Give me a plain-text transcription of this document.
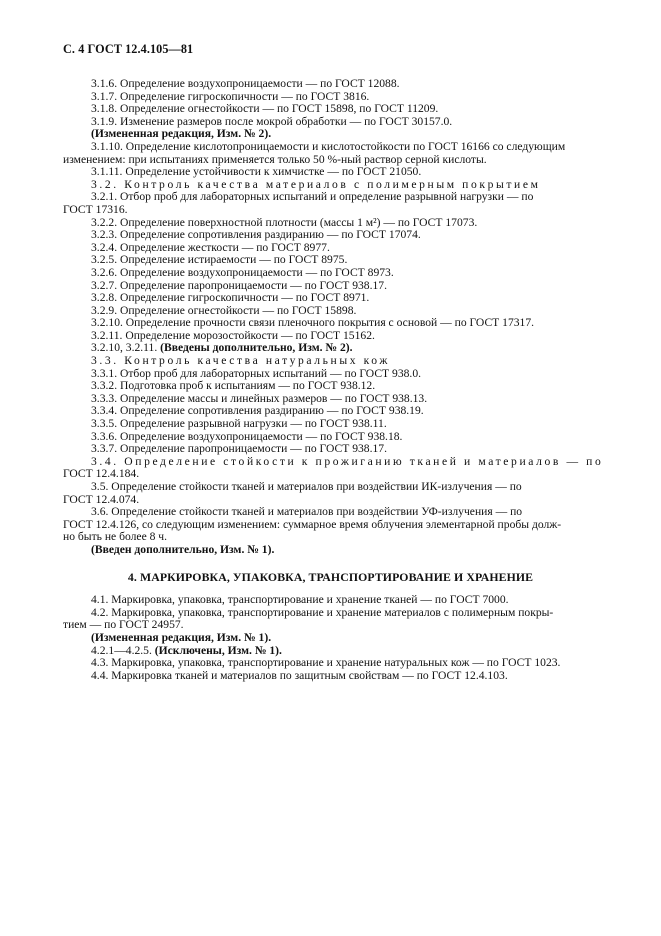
С. 4 ГОСТ 12.4.105—81
3.1.6. Определение воздухопроницаемости — по ГОСТ 12088.
3.1.7. Определение гигроскопичности — по ГОСТ 3816.
3.1.8. Определение огнестойкости — по ГОСТ 15898, по ГОСТ 11209.
3.1.9. Изменение размеров после мокрой обработки — по ГОСТ 30157.0.
(Измененная редакция, Изм. № 2).
3.1.10. Определение кислотопроницаемости и кислотостойкости по ГОСТ 16166 со следующим
изменением: при испытаниях применяется только 50 %-ный раствор серной кислоты.
3.1.11. Определение устойчивости к химчистке — по ГОСТ 21050.
3.2. Контроль качества материалов с полимерным покрытием
3.2.1. Отбор проб для лабораторных испытаний и определение разрывной нагрузки — по
ГОСТ 17316.
3.2.2. Определение поверхностной плотности (массы 1 м²) — по ГОСТ 17073.
3.2.3. Определение сопротивления раздиранию — по ГОСТ 17074.
3.2.4. Определение жесткости — по ГОСТ 8977.
3.2.5. Определение истираемости — по ГОСТ 8975.
3.2.6. Определение воздухопроницаемости — по ГОСТ 8973.
3.2.7. Определение паропроницаемости — по ГОСТ 938.17.
3.2.8. Определение гигроскопичности — по ГОСТ 8971.
3.2.9. Определение огнестойкости — по ГОСТ 15898.
3.2.10. Определение прочности связи пленочного покрытия с основой — по ГОСТ 17317.
3.2.11. Определение морозостойкости — по ГОСТ 15162.
3.2.10, 3.2.11. (Введены дополнительно, Изм. № 2).
3.3. Контроль качества натуральных кож
3.3.1. Отбор проб для лабораторных испытаний — по ГОСТ 938.0.
3.3.2. Подготовка проб к испытаниям — по ГОСТ 938.12.
3.3.3. Определение массы и линейных размеров — по ГОСТ 938.13.
3.3.4. Определение сопротивления раздиранию — по ГОСТ 938.19.
3.3.5. Определение разрывной нагрузки — по ГОСТ 938.11.
3.3.6. Определение воздухопроницаемости — по ГОСТ 938.18.
3.3.7. Определение паропроницаемости — по ГОСТ 938.17.
3.4. Определение стойкости к прожиганию тканей и материалов — по
ГОСТ 12.4.184.
3.5. Определение стойкости тканей и материалов при воздействии ИК-излучения — по
ГОСТ 12.4.074.
3.6. Определение стойкости тканей и материалов при воздействии УФ-излучения — по
ГОСТ 12.4.126, со следующим изменением: суммарное время облучения элементарной пробы долж-
но быть не более 8 ч.
(Введен дополнительно, Изм. № 1).
4. МАРКИРОВКА, УПАКОВКА, ТРАНСПОРТИРОВАНИЕ И ХРАНЕНИЕ
4.1. Маркировка, упаковка, транспортирование и хранение тканей — по ГОСТ 7000.
4.2. Маркировка, упаковка, транспортирование и хранение материалов с полимерным покры-
тием — по ГОСТ 24957.
(Измененная редакция, Изм. № 1).
4.2.1—4.2.5. (Исключены, Изм. № 1).
4.3. Маркировка, упаковка, транспортирование и хранение натуральных кож — по ГОСТ 1023.
4.4. Маркировка тканей и материалов по защитным свойствам — по ГОСТ 12.4.103.
